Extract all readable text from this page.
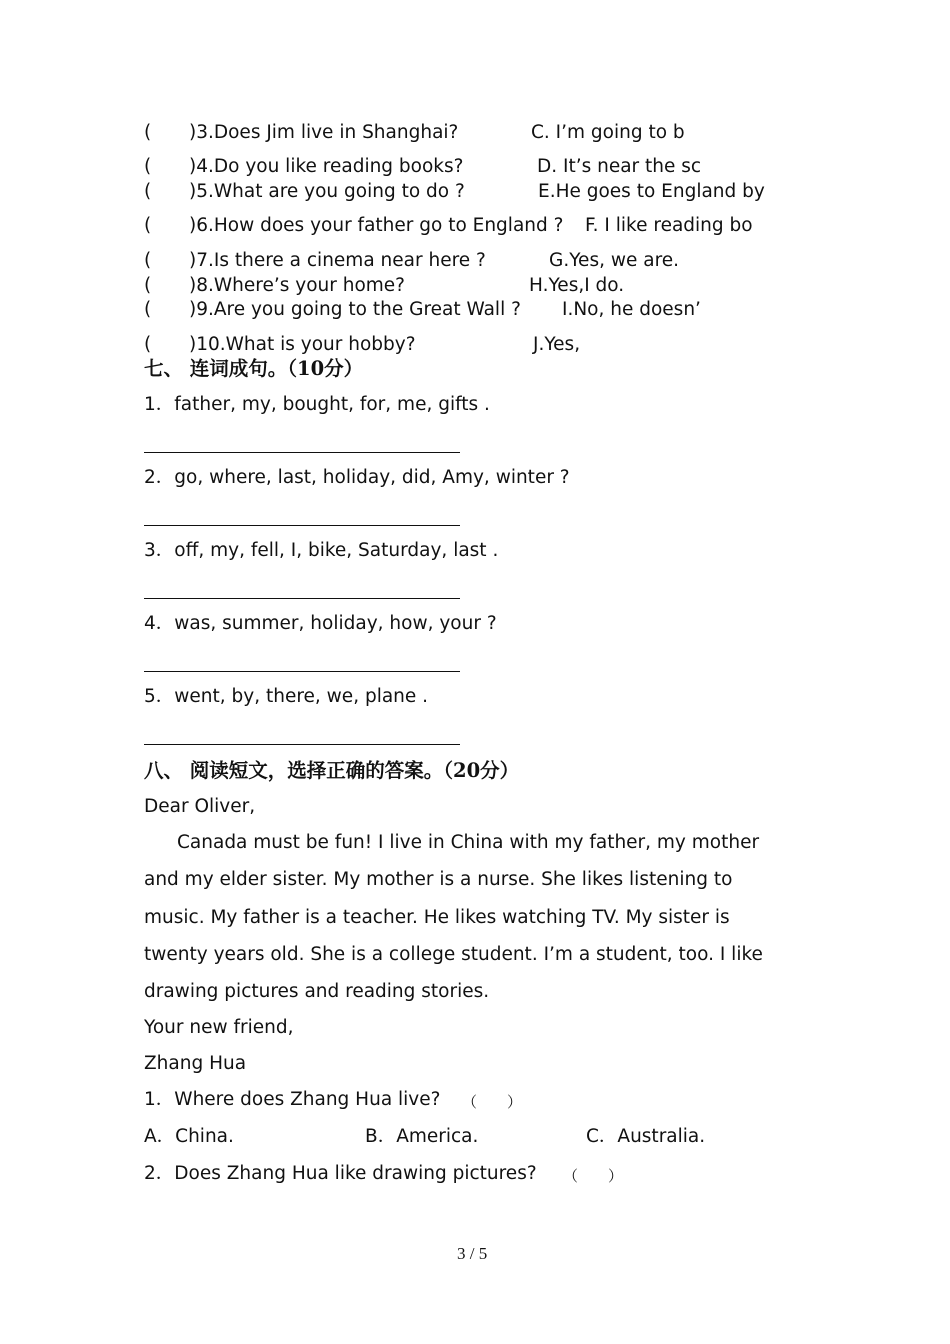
( )3.Does Jim live in Shanghai?	C. I’m going to b
( )4.Do you like reading books?	D. It’s near the sc
( )5.What are you going to do ?	E.He goes to England by
( )6.How does your father go to England ? F. I like reading bo
( )7.Is there a cinema near here ?	G.Yes, we are.
( )8.Where’s your home?	H.Yes,I do.
( )9.Are you going to the Great Wall ? I.No, he doesn’
( )10.What is your hobby?	J.Yes,
七、 连词成句。（10分）
1．father, my, bought, for, me, gifts .
2．go, where, last, holiday, did, Amy, winter ?
3．off, my, fell, I, bike, Saturday, last .
4．was, summer, holiday, how, your ?
5．went, by, there, we, plane .
八、 阅读短文，选择正确的答案。（20分）
Dear Oliver,
Canada must be fun! I live in China with my father, my mother
and my elder sister. My mother is a nurse. She likes listening to
music. My father is a teacher. He likes watching TV. My sister is
twenty years old. She is a college student. I’m a student, too. I like
drawing pictures and reading stories.
Your new friend,
Zhang Hua
1．Where does Zhang Hua live? （　　）
A．China.	B．America.	C．Australia.
2．Does Zhang Hua like drawing pictures? （　　）
3 / 5
